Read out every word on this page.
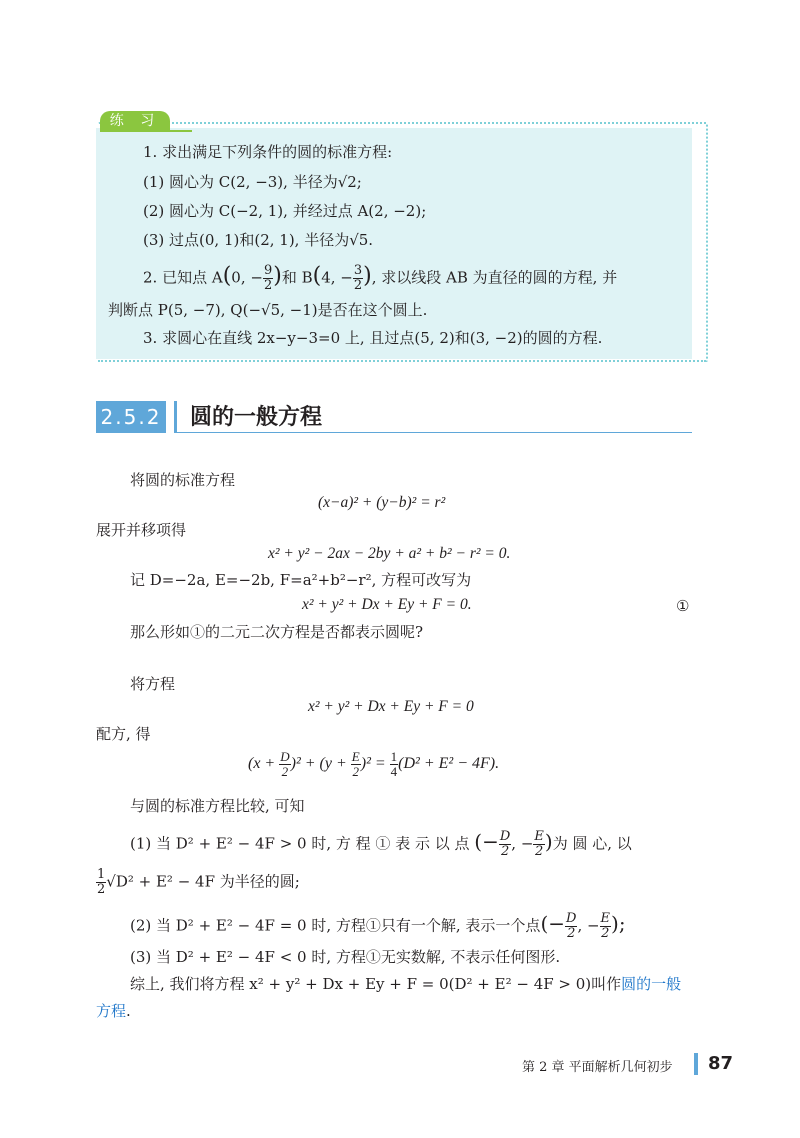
练 习
1. 求出满足下列条件的圆的标准方程:
(1) 圆心为 C(2, −3), 半径为√2;
(2) 圆心为 C(−2, 1), 并经过点 A(2, −2);
(3) 过点(0, 1)和(2, 1), 半径为√5.
2. 已知点 A(0, − $\frac{9}{2}$ )和 B(4, − $\frac{3}{2}$ ), 求以线段 AB 为直径的圆的方程, 并
判断点 P(5, −7), Q(−√5, −1)是否在这个圆上.
3. 求圆心在直线 2x−y−3=0 上, 且过点(5, 2)和(3, −2)的圆的方程.
2.5.2 圆的一般方程
将圆的标准方程
(x−a)² + (y−b)² = r²
展开并移项得
x² + y² − 2ax − 2by + a² + b² − r² = 0.
记 D=−2a, E=−2b, F=a²+b²−r², 方程可改写为
x² + y² + Dx + Ey + F = 0.	①
那么形如①的二元二次方程是否都表示圆呢?
将方程
x² + y² + Dx + Ey + F = 0
配方, 得
$(x + \frac{D}{2} )^2 + (y + \frac{E}{2} )^2 = \frac{1}{4} (D^2 + E^2 - 4F)$.
与圆的标准方程比较, 可知
(1) 当 D² + E² − 4F > 0 时, 方 程 ① 表 示 以 点 (− $\frac{D}{2}$ , − $\frac{E}{2}$ )为 圆 心, 以
$\frac{1}{2} √D^2 + E^2 - 4F$ 为半径的圆;
(2) 当 D² + E² − 4F = 0 时, 方程①只有一个解, 表示一个点(− $\frac{D}{2}$ , − $\frac{E}{2}$ );
(3) 当 D² + E² − 4F < 0 时, 方程①无实数解, 不表示任何图形.
综上, 我们将方程 x² + y² + Dx + Ey + F = 0(D² + E² − 4F > 0)叫作圆的一般
方程.
第 2 章 平面解析几何初步 87
